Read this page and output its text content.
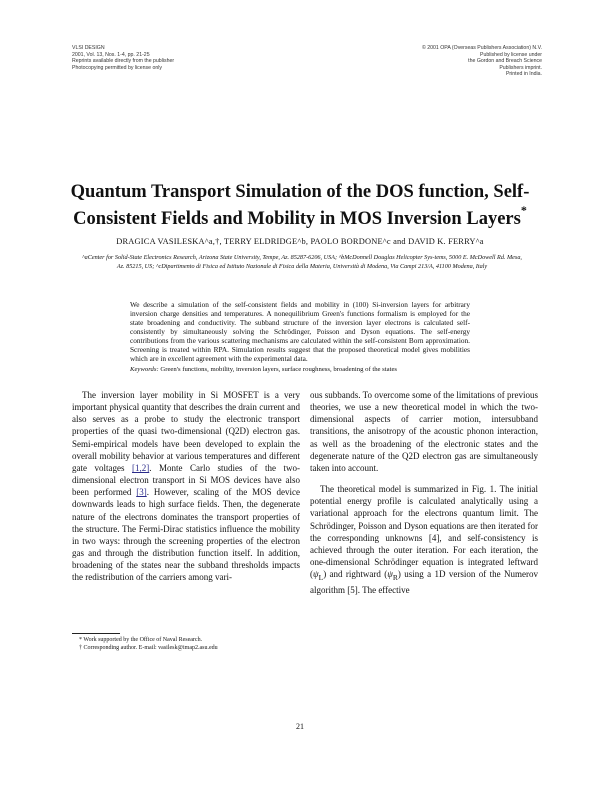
VLSI DESIGN
2001, Vol. 13, Nos. 1-4, pp. 21-25
Reprints available directly from the publisher
Photocopying permitted by license only
© 2001 OPA (Overseas Publishers Association) N.V.
Published by license under
the Gordon and Breach Science
Publishers imprint.
Printed in India.
Quantum Transport Simulation of the DOS function, Self-Consistent Fields and Mobility in MOS Inversion Layers*
DRAGICA VASILESKA^a,†, TERRY ELDRIDGE^b, PAOLO BORDONE^c and DAVID K. FERRY^a
^aCenter for Solid-State Electronics Research, Arizona State University, Tempe, Az. 85287-6206, USA; ^bMcDonnell Douglas Helicopter Sys-tems, 5000 E. McDowell Rd. Mesa, Az. 85215, US; ^cDipartimento di Fisica ed Istituto Nazionale di Fisica della Materia, Università di Modena, Via Campi 213/A, 41100 Modena, Italy
We describe a simulation of the self-consistent fields and mobility in (100) Si-inversion layers for arbitrary inversion charge densities and temperatures. A nonequilibrium Green's functions formalism is employed for the state broadening and conductivity. The subband structure of the inversion layer electrons is calculated self-consistently by simultaneously solving the Schrödinger, Poisson and Dyson equations. The self-energy contributions from the various scattering mechanisms are calculated within the self-consistent Born approximation. Screening is treated within RPA. Simulation results suggest that the proposed theoretical model gives mobilities which are in excellent agreement with the experimental data.
Keywords: Green's functions, mobility, inversion layers, surface roughness, broadening of the states

The inversion layer mobility in Si MOSFET is a very important physical quantity that describes the drain current and also serves as a probe to study the electronic transport properties of the quasi two-dimensional (Q2D) electron gas. Semi-empirical models have been developed to explain the overall mobility behavior at various temperatures and different gate voltages [1,2]. Monte Carlo studies of the two-dimensional electron transport in Si MOS devices have also been performed [3]. However, scaling of the MOS device downwards leads to high surface fields. Then, the degenerate nature of the electrons dominates the transport properties of the structure. The Fermi-Dirac statistics influence the mobility in two ways: through the screening properties of the electron gas and through the distribution function itself. In addition, broadening of the states near the subband thresholds impacts the redistribution of the carriers among vari-

ous subbands. To overcome some of the limitations of previous theories, we use a new theoretical model in which the two-dimensional aspects of carrier motion, intersubband transitions, the anisotropy of the acoustic phonon interaction, as well as the broadening of the electronic states and the degenerate nature of the Q2D electron gas are simultaneously taken into account.

The theoretical model is summarized in Fig. 1. The initial potential energy profile is calculated analytically using a variational approach for the electrons quantum limit. The Schrödinger, Poisson and Dyson equations are then iterated for the corresponding unknowns [4], and self-consistency is achieved through the outer iteration. For each iteration, the one-dimensional Schrödinger equation is integrated leftward $(\psi_L)$ and rightward $(\psi_R)$ using a 1D version of the Numerov algorithm [5]. The effective

* Work supported by the Office of Naval Research.
† Corresponding author. E-mail: vasilesk@imap2.asu.edu
21
